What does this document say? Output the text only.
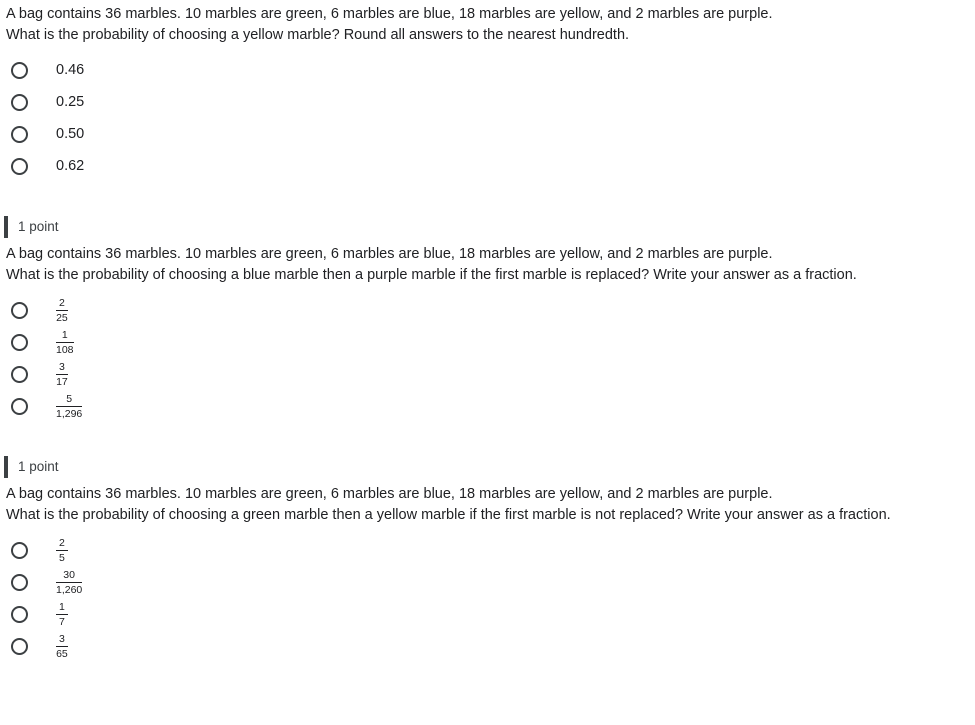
A bag contains 36 marbles. 10 marbles are green, 6 marbles are blue, 18 marbles are yellow, and 2 marbles are purple.
What is the probability of choosing a yellow marble? Round all answers to the nearest hundredth.
0.46
0.25
0.50
0.62
1 point
A bag contains 36 marbles. 10 marbles are green, 6 marbles are blue, 18 marbles are yellow, and 2 marbles are purple.
What is the probability of choosing a blue marble then a purple marble if the first marble is replaced? Write your answer as a fraction.
$\frac{2}{25}$
$\frac{1}{108}$
$\frac{3}{17}$
$\frac{5}{1,296}$
1 point
A bag contains 36 marbles. 10 marbles are green, 6 marbles are blue, 18 marbles are yellow, and 2 marbles are purple.
What is the probability of choosing a green marble then a yellow marble if the first marble is not replaced? Write your answer as a fraction.
$\frac{2}{5}$
$\frac{30}{1,260}$
$\frac{1}{7}$
$\frac{3}{65}$
